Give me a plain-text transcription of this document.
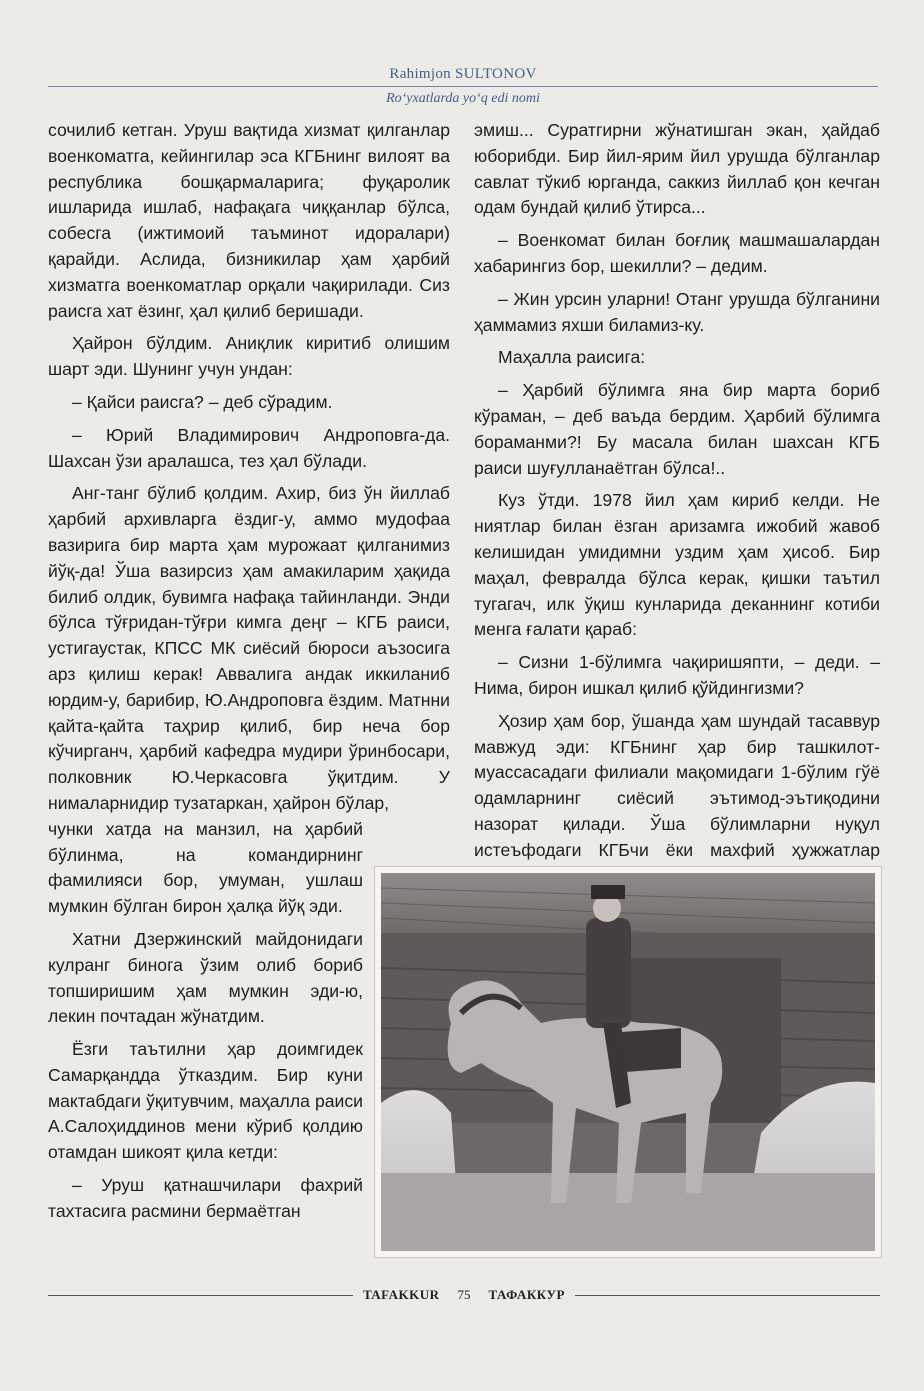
Rahimjon SULTONOV
Ro‘yxatlarda yo‘q edi nomi

сочилиб кетган. Уруш вақтида хизмат қилганлар военкоматга, кейингилар эса КГБнинг вилоят ва республика бошқармаларига; фуқаролик ишларида ишлаб, нафақага чиққанлар бўлса, собесга (ижтимоий таъминот идоралари) қарайди. Аслида, бизникилар ҳам ҳарбий хизматга военкоматлар орқали чақирилади. Сиз раисга хат ёзинг, ҳал қилиб беришади.

Ҳайрон бўлдим. Аниқлик киритиб олишим шарт эди. Шунинг учун ундан:

– Қайси раисга? – деб сўрадим.

– Юрий Владимирович Андроповга-да. Шахсан ўзи аралашса, тез ҳал бўлади.

Анг-танг бўлиб қолдим. Ахир, биз ўн йиллаб ҳарбий архивларга ёздиг-у, аммо мудофаа вазирига бир марта ҳам мурожаат қилганимиз йўқ-да! Ўша вазирсиз ҳам амакиларим ҳақида билиб олдик, бувимга нафақа тайинланди. Энди бўлса тўғридан-тўғри кимга деңг – КГБ раиси, устигаустак, КПСС МК сиёсий бюроси аъзосига арз қилиш керак! Аввалига андак иккиланиб юрдим-у, барибир, Ю.Андроповга ёздим. Матнни қайта-қайта таҳрир қилиб, бир неча бор кўчирганч, ҳарбий кафедра мудири ўринбосари, полковник Ю.Черкасовга ўқитдим. У нималарнидир тузатаркан, ҳайрон бўлар,

чунки хатда на манзил, на ҳарбий бўлинма, на командирнинг фамилияси бор, умуман, ушлаш мумкин бўлган бирон ҳалқа йўқ эди.

Хатни Дзержинский майдонидаги кулранг бинога ўзим олиб бориб топширишим ҳам мумкин эди-ю, лекин почтадан жўнатдим.

Ёзги таътилни ҳар доимгидек Самарқандда ўтказдим. Бир куни мактабдаги ўқитувчим, маҳалла раиси А.Салоҳиддинов мени кўриб қолдию отамдан шикоят қила кетди:

– Уруш қатнашчилари фахрий тахтасига расмини бермаётган

эмиш... Суратгирни жўнатишган экан, ҳайдаб юборибди. Бир йил-ярим йил урушда бўлганлар савлат тўкиб юрганда, саккиз йиллаб қон кечган одам бундай қилиб ўтирса...

– Военкомат билан боғлиқ машмашалардан хабарингиз бор, шекилли? – дедим.

– Жин урсин уларни! Отанг урушда бўлганини ҳаммамиз яхши биламиз-ку.

Маҳалла раисига:

– Ҳарбий бўлимга яна бир марта бориб кўраман, – деб ваъда бердим. Ҳарбий бўлимга бораманми?! Бу масала билан шахсан КГБ раиси шуғулланаётган бўлса!..

Куз ўтди. 1978 йил ҳам кириб келди. Не ниятлар билан ёзган аризамга ижобий жавоб келишидан умидимни уздим ҳам ҳисоб. Бир маҳал, февралда бўлса керак, қишки таътил тугагач, илк ўқиш кунларида деканнинг котиби менга ғалати қараб:

– Сизни 1-бўлимга чақиришяпти, – деди. – Нима, бирон ишкал қилиб қўйдингизми?

Ҳозир ҳам бор, ўшанда ҳам шундай тасаввур мавжуд эди: КГБнинг ҳар бир ташкилот-муассасадаги филиали мақомидаги 1-бўлим гўё одамларнинг сиёсий эътимод-эътиқодини назорат қилади. Ўша бўлимларни нуқул истеъфодаги КГБчи ёки махфий ҳужжатлар

TAFAKKUR	75	ТАФАККУР
